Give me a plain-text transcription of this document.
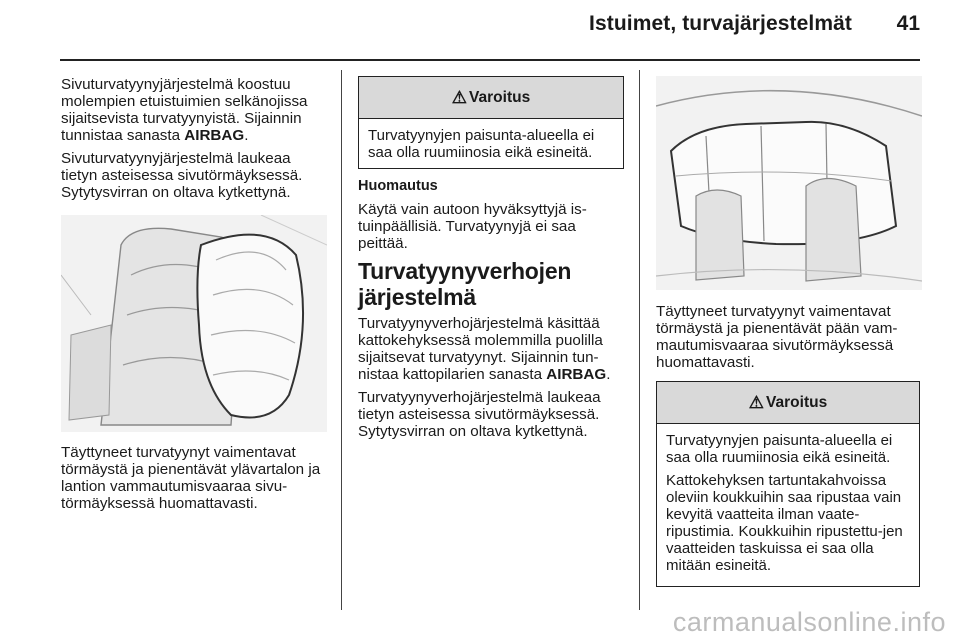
Istuimet, turvajärjestelmät 41

Sivuturvatyynyjärjestelmä koostuu molempien etuistuimien selkänojissa sijaitsevista turvatyynyistä. Sijainnin tunnistaa sanasta AIRBAG.

Sivuturvatyynyjärjestelmä laukeaa tietyn asteisessa sivutörmäyksessä. Sytytysvirran on oltava kytkettynä.

Täyttyneet turvatyynyt vaimentavat törmäystä ja pienentävät ylävartalon ja lantion vammautumisvaaraa sivu-törmäyksessä huomattavasti.

⚠ Varoitus

Turvatyynyjen paisunta-alueella ei saa olla ruumiinosia eikä esineitä.

Huomautus

Käytä vain autoon hyväksyttyjä is-tuinpäällisiä. Turvatyynyjä ei saa peittää.

Turvatyynyverhojen järjestelmä

Turvatyynyverhojärjestelmä käsittää kattokehyksessä molemmilla puolilla sijaitsevat turvatyynyt. Sijainnin tun-nistaa kattopilarien sanasta AIRBAG.

Turvatyynyverhojärjestelmä laukeaa tietyn asteisessa sivutörmäyksessä. Sytytysvirran on oltava kytkettynä.

Täyttyneet turvatyynyt vaimentavat törmäystä ja pienentävät pään vam-mautumisvaaraa sivutörmäyksessä huomattavasti.

⚠ Varoitus

Turvatyynyjen paisunta-alueella ei saa olla ruumiinosia eikä esineitä.

Kattokehyksen tartuntakahvoissa oleviin koukkuihin saa ripustaa vain kevyitä vaatteita ilman vaate-ripustimia. Koukkuihin ripustettu-jen vaatteiden taskuissa ei saa olla mitään esineitä.

carmanualsonline.info
